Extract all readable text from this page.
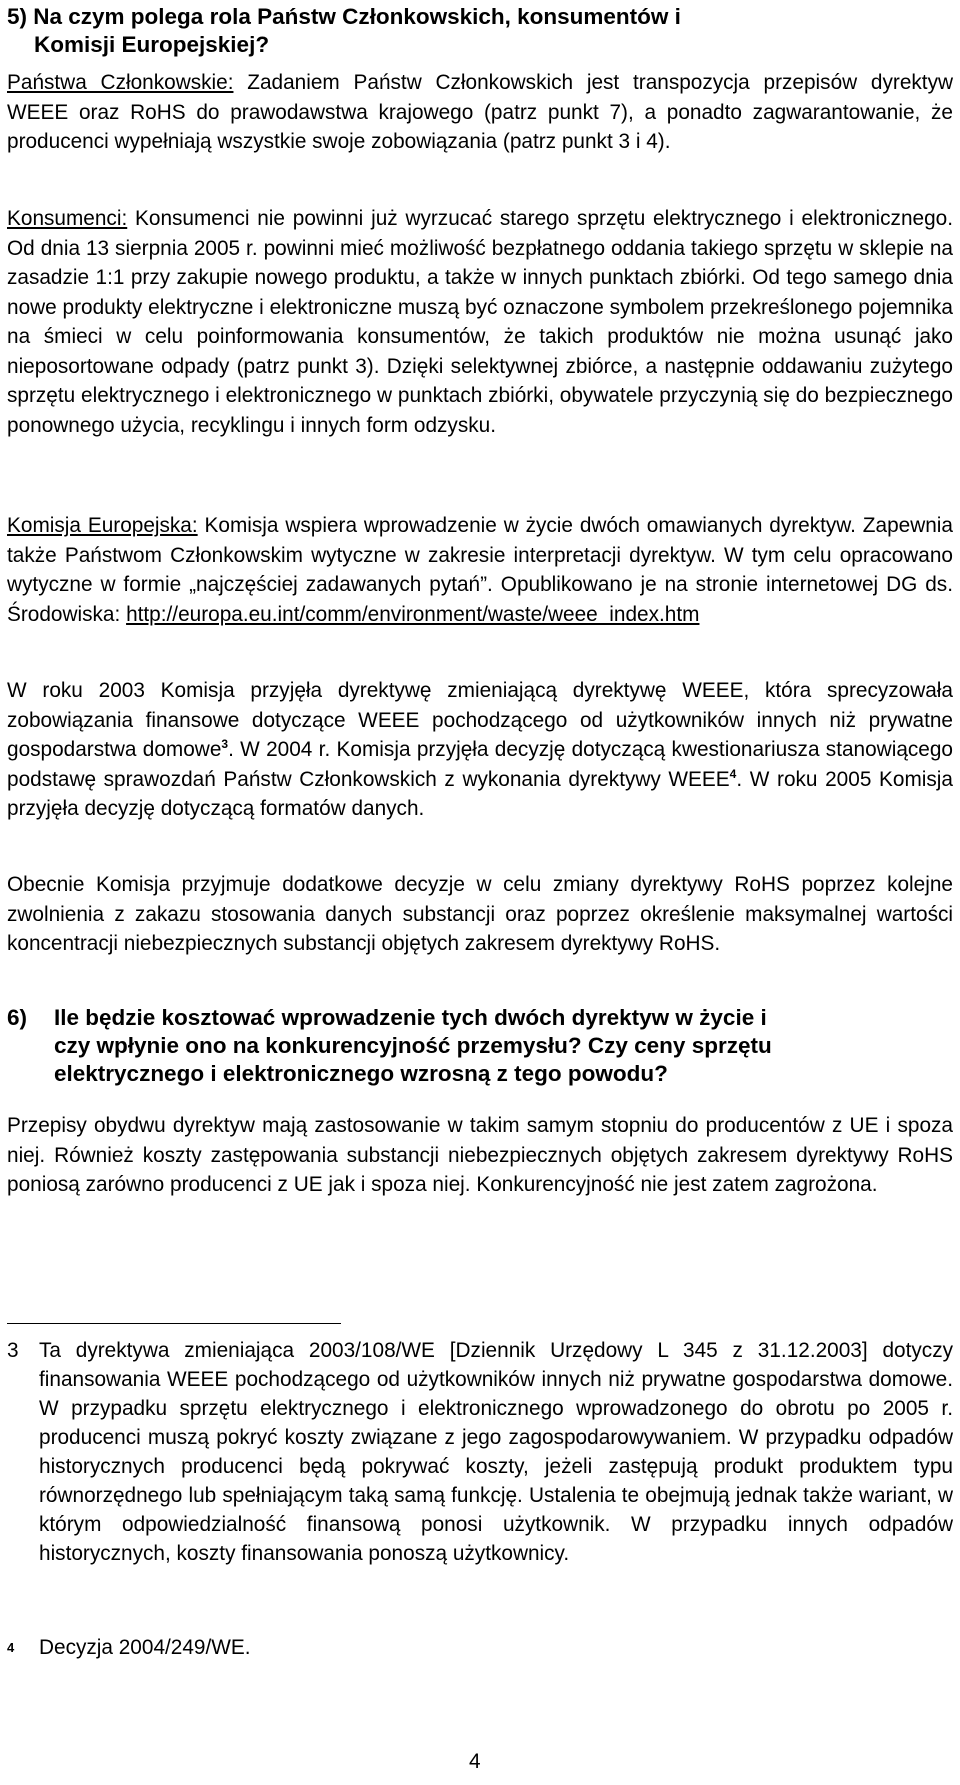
5) Na czym polega rola Państw Członkowskich, konsumentów i
Komisji Europejskiej?
Państwa Członkowskie: Zadaniem Państw Członkowskich jest transpozycja przepisów dyrektyw WEEE oraz RoHS do prawodawstwa krajowego (patrz punkt 7), a ponadto zagwarantowanie, że producenci wypełniają wszystkie swoje zobowiązania (patrz punkt 3 i 4).
Konsumenci: Konsumenci nie powinni już wyrzucać starego sprzętu elektrycznego i elektronicznego. Od dnia 13 sierpnia 2005 r. powinni mieć możliwość bezpłatnego oddania takiego sprzętu w sklepie na zasadzie 1:1 przy zakupie nowego produktu, a także w innych punktach zbiórki. Od tego samego dnia nowe produkty elektryczne i elektroniczne muszą być oznaczone symbolem przekreślonego pojemnika na śmieci w celu poinformowania konsumentów, że takich produktów nie można usunąć jako nieposortowane odpady (patrz punkt 3). Dzięki selektywnej zbiórce, a następnie oddawaniu zużytego sprzętu elektrycznego i elektronicznego w punktach zbiórki, obywatele przyczynią się do bezpiecznego ponownego użycia, recyklingu i innych form odzysku.
Komisja Europejska: Komisja wspiera wprowadzenie w życie dwóch omawianych dyrektyw. Zapewnia także Państwom Członkowskim wytyczne w zakresie interpretacji dyrektyw. W tym celu opracowano wytyczne w formie „najczęściej zadawanych pytań”. Opublikowano je na stronie internetowej DG ds. Środowiska: http://europa.eu.int/comm/environment/waste/weee_index.htm
W roku 2003 Komisja przyjęła dyrektywę zmieniającą dyrektywę WEEE, która sprecyzowała zobowiązania finansowe dotyczące WEEE pochodzącego od użytkowników innych niż prywatne gospodarstwa domowe$^3$. W 2004 r. Komisja przyjęła decyzję dotyczącą kwestionariusza stanowiącego podstawę sprawozdań Państw Członkowskich z wykonania dyrektywy WEEE$^4$. W roku 2005 Komisja przyjęła decyzję dotyczącą formatów danych.
Obecnie Komisja przyjmuje dodatkowe decyzje w celu zmiany dyrektywy RoHS poprzez kolejne zwolnienia z zakazu stosowania danych substancji oraz poprzez określenie maksymalnej wartości koncentracji niebezpiecznych substancji objętych zakresem dyrektywy RoHS.
6) Ile będzie kosztować wprowadzenie tych dwóch dyrektyw w życie i
czy wpłynie ono na konkurencyjność przemysłu? Czy ceny sprzętu
elektrycznego i elektronicznego wzrosną z tego powodu?
Przepisy obydwu dyrektyw mają zastosowanie w takim samym stopniu do producentów z UE i spoza niej. Również koszty zastępowania substancji niebezpiecznych objętych zakresem dyrektywy RoHS poniosą zarówno producenci z UE jak i spoza niej. Konkurencyjność nie jest zatem zagrożona.
3 Ta dyrektywa zmieniająca 2003/108/WE [Dziennik Urzędowy L 345 z 31.12.2003] dotyczy finansowania WEEE pochodzącego od użytkowników innych niż prywatne gospodarstwa domowe. W przypadku sprzętu elektrycznego i elektronicznego wprowadzonego do obrotu po 2005 r. producenci muszą pokryć koszty związane z jego zagospodarowywaniem. W przypadku odpadów historycznych producenci będą pokrywać koszty, jeżeli zastępują produkt produktem typu równorzędnego lub spełniającym taką samą funkcję. Ustalenia te obejmują jednak także wariant, w którym odpowiedzialność finansową ponosi użytkownik. W przypadku innych odpadów historycznych, koszty finansowania ponoszą użytkownicy.
4	Decyzja 2004/249/WE.
4
